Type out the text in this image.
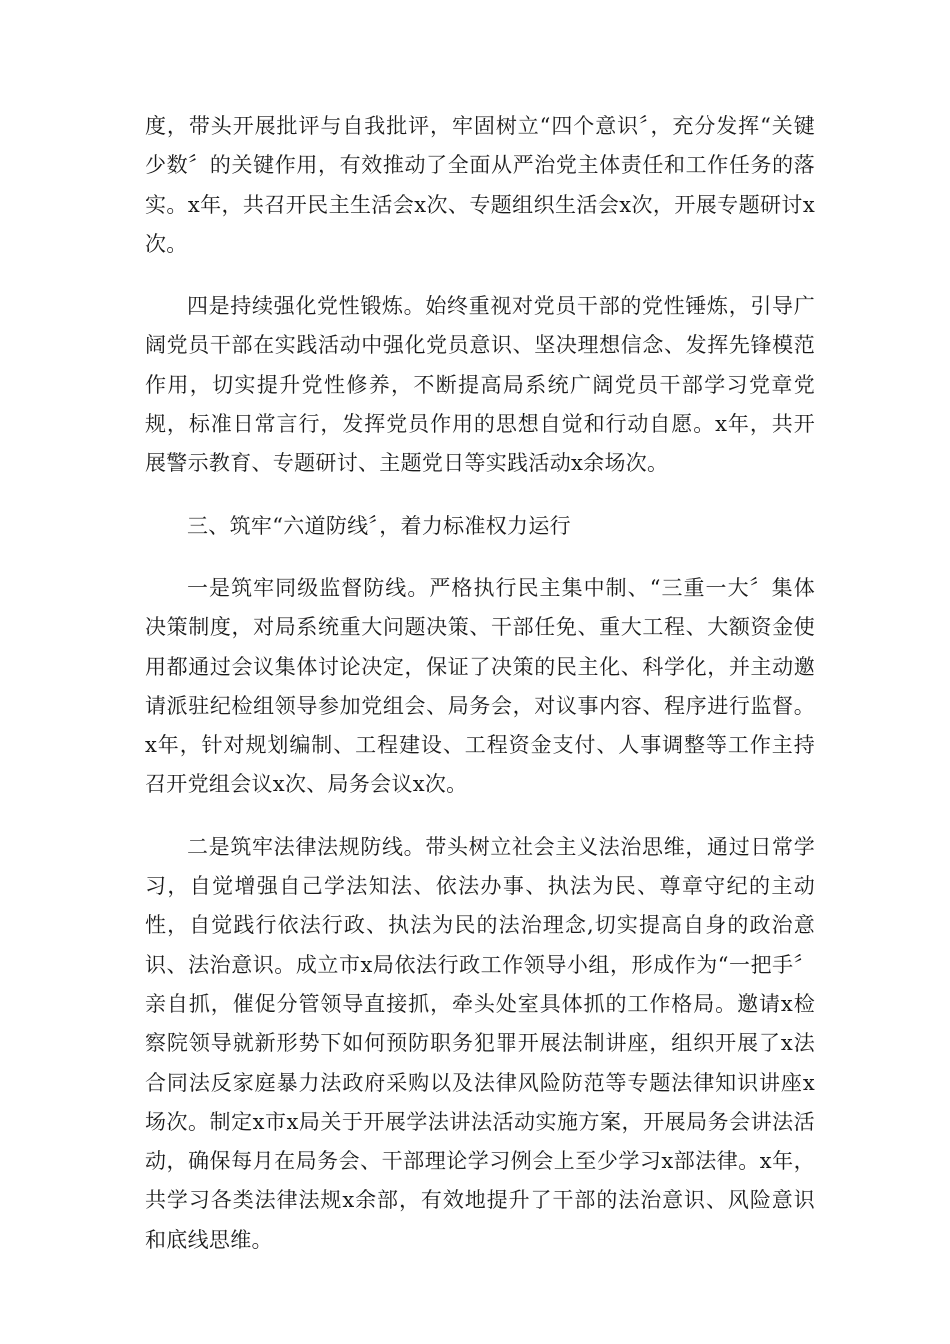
度，带头开展批评与自我批评，牢固树立“四个意识〞，充分发挥“关键少数〞的关键作用，有效推动了全面从严治党主体责任和工作任务的落实。x年，共召开民主生活会x次、专题组织生活会x次，开展专题研讨x次。

四是持续强化党性锻炼。始终重视对党员干部的党性锤炼，引导广阔党员干部在实践活动中强化党员意识、坚决理想信念、发挥先锋模范作用，切实提升党性修养，不断提高局系统广阔党员干部学习党章党规，标准日常言行，发挥党员作用的思想自觉和行动自愿。x年，共开展警示教育、专题研讨、主题党日等实践活动x余场次。

三、筑牢“六道防线〞，着力标准权力运行

一是筑牢同级监督防线。严格执行民主集中制、“三重一大〞集体决策制度，对局系统重大问题决策、干部任免、重大工程、大额资金使用都通过会议集体讨论决定，保证了决策的民主化、科学化，并主动邀请派驻纪检组领导参加党组会、局务会，对议事内容、程序进行监督。x年，针对规划编制、工程建设、工程资金支付、人事调整等工作主持召开党组会议x次、局务会议x次。

二是筑牢法律法规防线。带头树立社会主义法治思维，通过日常学习，自觉增强自己学法知法、依法办事、执法为民、尊章守纪的主动性，自觉践行依法行政、执法为民的法治理念,切实提高自身的政治意识、法治意识。成立市x局依法行政工作领导小组，形成作为“一把手〞亲自抓，催促分管领导直接抓，牵头处室具体抓的工作格局。邀请x检察院领导就新形势下如何预防职务犯罪开展法制讲座，组织开展了x法合同法反家庭暴力法政府采购以及法律风险防范等专题法律知识讲座x场次。制定x市x局关于开展学法讲法活动实施方案，开展局务会讲法活动，确保每月在局务会、干部理论学习例会上至少学习x部法律。x年，共学习各类法律法规x余部，有效地提升了干部的法治意识、风险意识和底线思维。
